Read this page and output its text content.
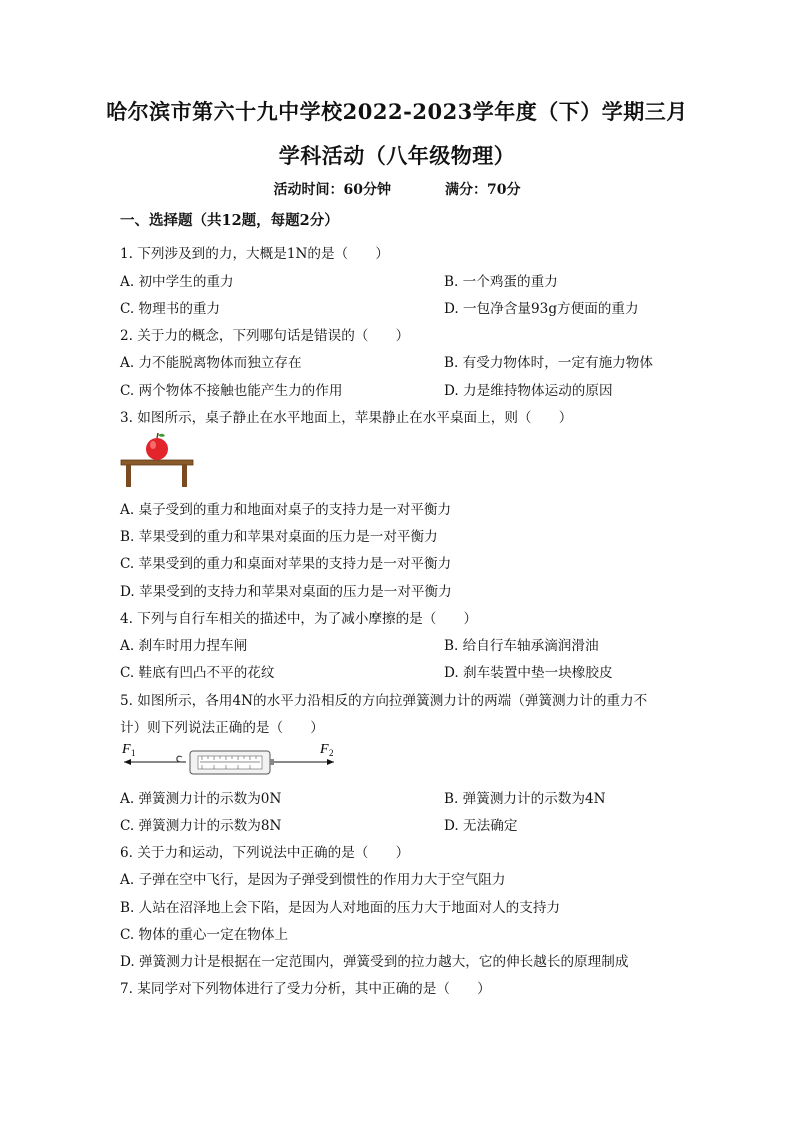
哈尔滨市第六十九中学校2022-2023学年度（下）学期三月
学科活动（八年级物理）
活动时间：60分钟	满分：70分
一、选择题（共12题，每题2分）
1. 下列涉及到的力，大概是1N的是（　　）
A. 初中学生的重力	B. 一个鸡蛋的重力
C. 物理书的重力	D. 一包净含量93g方便面的重力
2. 关于力的概念，下列哪句话是错误的（　　）
A. 力不能脱离物体而独立存在	B. 有受力物体时，一定有施力物体
C. 两个物体不接触也能产生力的作用	D. 力是维持物体运动的原因
3. 如图所示，桌子静止在水平地面上，苹果静止在水平桌面上，则（　　）
A. 桌子受到的重力和地面对桌子的支持力是一对平衡力
B. 苹果受到的重力和苹果对桌面的压力是一对平衡力
C. 苹果受到的重力和桌面对苹果的支持力是一对平衡力
D. 苹果受到的支持力和苹果对桌面的压力是一对平衡力
4. 下列与自行车相关的描述中，为了减小摩擦的是（　　）
A. 刹车时用力捏车闸	B. 给自行车轴承滴润滑油
C. 鞋底有凹凸不平的花纹	D. 刹车装置中垫一块橡胶皮
5. 如图所示，各用4N的水平力沿相反的方向拉弹簧测力计的两端（弹簧测力计的重力不
计）则下列说法正确的是（　　）
F 1	F 2
A. 弹簧测力计的示数为0N	B. 弹簧测力计的示数为4N
C. 弹簧测力计的示数为8N	D. 无法确定
6. 关于力和运动，下列说法中正确的是（　　）
A. 子弹在空中飞行，是因为子弹受到惯性的作用力大于空气阻力
B. 人站在沼泽地上会下陷，是因为人对地面的压力大于地面对人的支持力
C. 物体的重心一定在物体上
D. 弹簧测力计是根据在一定范围内，弹簧受到的拉力越大，它的伸长越长的原理制成
7. 某同学对下列物体进行了受力分析，其中正确的是（　　）
